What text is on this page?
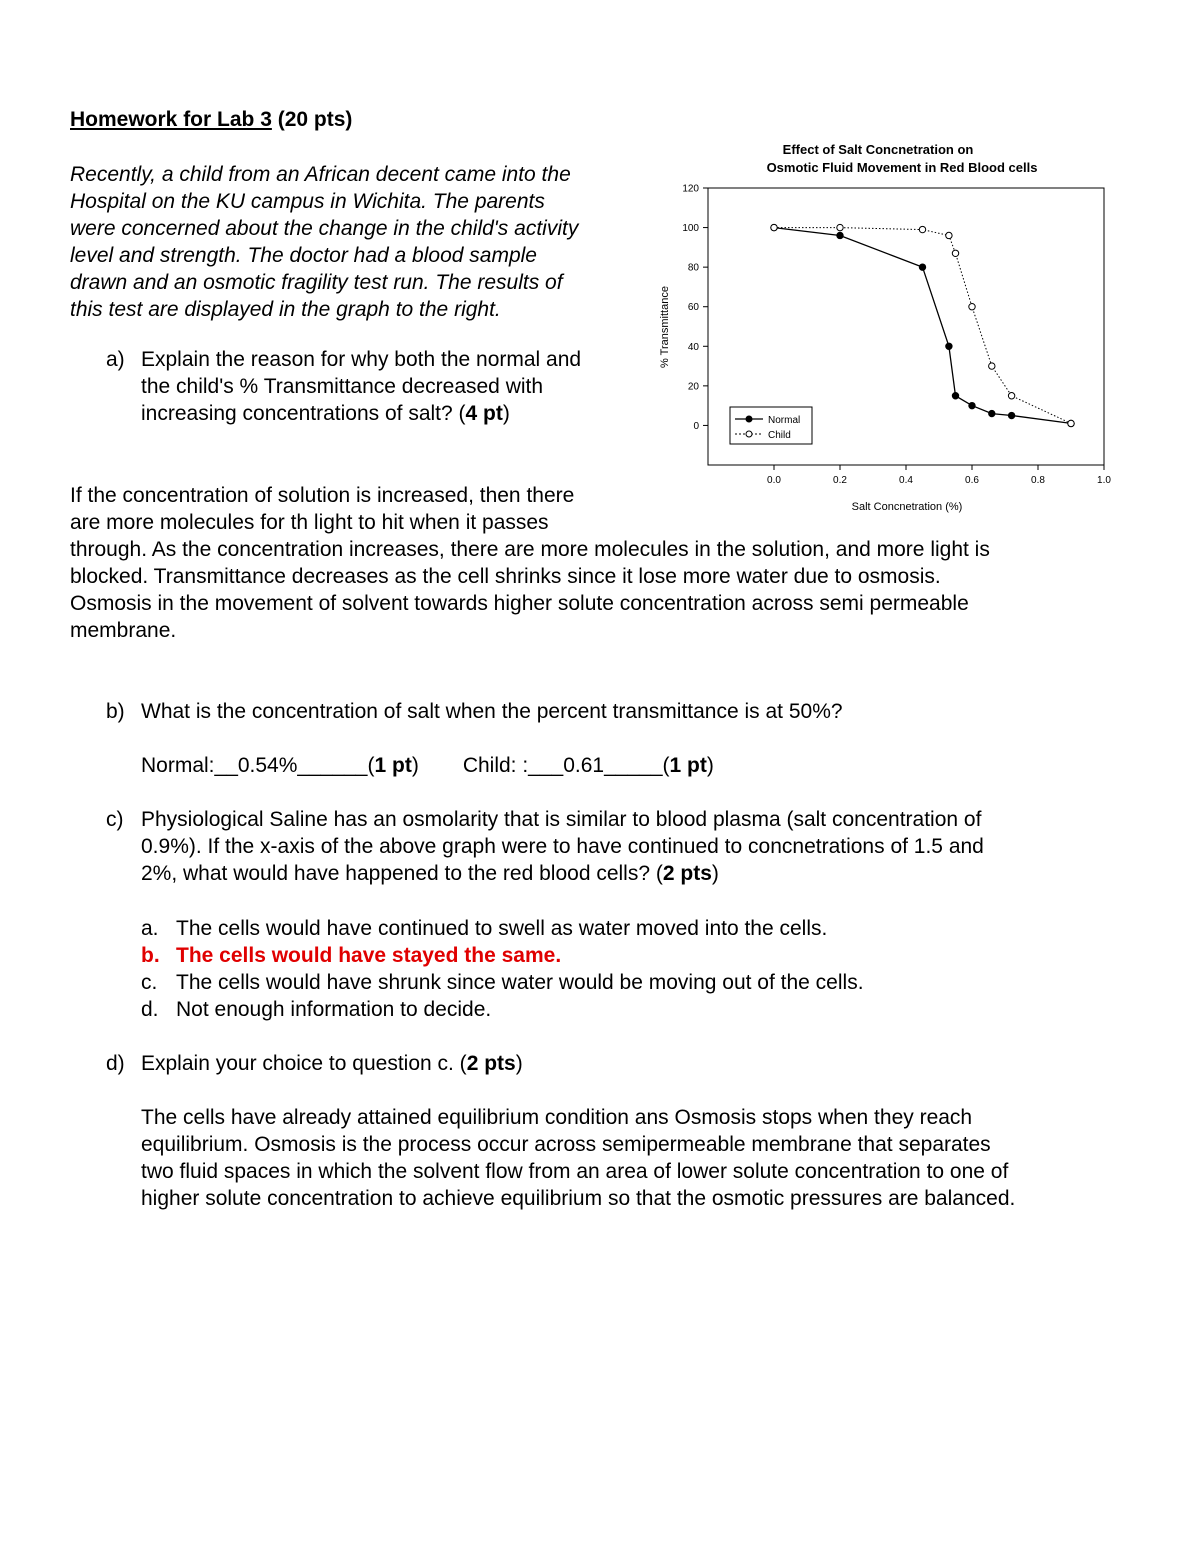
Homework for Lab 3 (20 pts)
Recently, a child from an African decent came into the
Hospital on the KU campus in Wichita. The parents
were concerned about the change in the child's activity
level and strength. The doctor had a blood sample
drawn and an osmotic fragility test run. The results of
this test are displayed in the graph to the right.
a) Explain the reason for why both the normal and
the child's % Transmittance decreased with
increasing concentrations of salt? (4 pt)
If the concentration of solution is increased, then there
are more molecules for th light to hit when it passes
through. As the concentration increases, there are more molecules in the solution, and more light is
blocked. Transmittance decreases as the cell shrinks since it lose more water due to osmosis.
Osmosis in the movement of solvent towards higher solute concentration across semi permeable
membrane.
b) What is the concentration of salt when the percent transmittance is at 50%?
Normal:__0.54%______(1 pt) Child: :___0.61_____(1 pt)
c) Physiological Saline has an osmolarity that is similar to blood plasma (salt concentration of
0.9%). If the x-axis of the above graph were to have continued to concnetrations of 1.5 and
2%, what would have happened to the red blood cells? (2 pts)
a. The cells would have continued to swell as water moved into the cells.
b. The cells would have stayed the same.
c. The cells would have shrunk since water would be moving out of the cells.
d. Not enough information to decide.
d) Explain your choice to question c. (2 pts)
The cells have already attained equilibrium condition ans Osmosis stops when they reach
equilibrium. Osmosis is the process occur across semipermeable membrane that separates
two fluid spaces in which the solvent flow from an area of lower solute concentration to one of
higher solute concentration to achieve equilibrium so that the osmotic pressures are balanced.
Effect of Salt Concnetration on
Osmotic Fluid Movement in Red Blood cells
0
20
40
60
80
100
120
0.0	0.2	0.4	0.6	0.8	1.0
Salt Concnetration (%)
% Transmittance
Normal
Child
